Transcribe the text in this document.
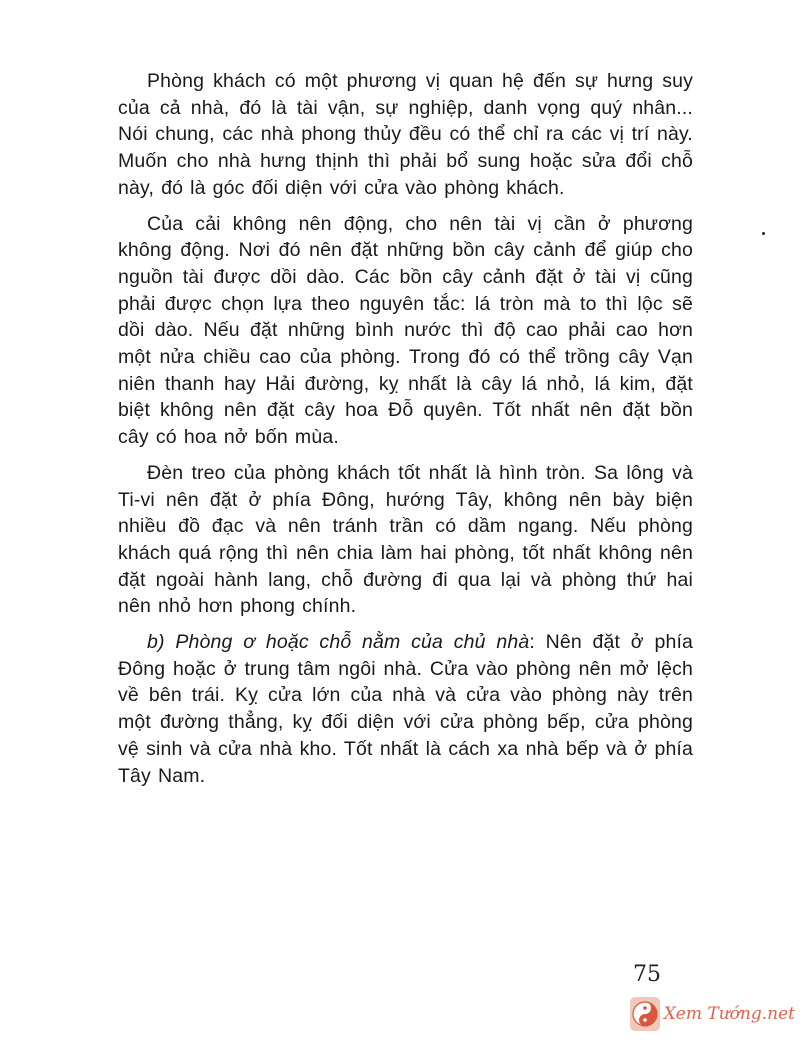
Phòng khách có một phương vị quan hệ đến sự hưng suy của cả nhà, đó là tài vận, sự nghiệp, danh vọng quý nhân... Nói chung, các nhà phong thủy đều có thể chỉ ra các vị trí này. Muốn cho nhà hưng thịnh thì phải bổ sung hoặc sửa đổi chỗ này, đó là góc đối diện với cửa vào phòng khách.

Của cải không nên động, cho nên tài vị cần ở phương không động. Nơi đó nên đặt những bồn cây cảnh để giúp cho nguồn tài được dồi dào. Các bồn cây cảnh đặt ở tài vị cũng phải được chọn lựa theo nguyên tắc: lá tròn mà to thì lộc sẽ dồi dào. Nếu đặt những bình nước thì độ cao phải cao hơn một nửa chiều cao của phòng. Trong đó có thể trồng cây Vạn niên thanh hay Hải đường, kỵ nhất là cây lá nhỏ, lá kim, đặt biệt không nên đặt cây hoa Đỗ quyên. Tốt nhất nên đặt bồn cây có hoa nở bốn mùa.

Đèn treo của phòng khách tốt nhất là hình tròn. Sa lông và Ti-vi nên đặt ở phía Đông, hướng Tây, không nên bày biện nhiều đồ đạc và nên tránh trần có dầm ngang. Nếu phòng khách quá rộng thì nên chia làm hai phòng, tốt nhất không nên đặt ngoài hành lang, chỗ đường đi qua lại và phòng thứ hai nên nhỏ hơn phong chính.

b) Phòng ơ hoặc chỗ nằm của chủ nhà: Nên đặt ở phía Đông hoặc ở trung tâm ngôi nhà. Cửa vào phòng nên mở lệch về bên trái. Kỵ cửa lớn của nhà và cửa vào phòng này trên một đường thẳng, kỵ đối diện với cửa phòng bếp, cửa phòng vệ sinh và cửa nhà kho. Tốt nhất là cách xa nhà bếp và ở phía Tây Nam.

75
Xem Tướng.net
